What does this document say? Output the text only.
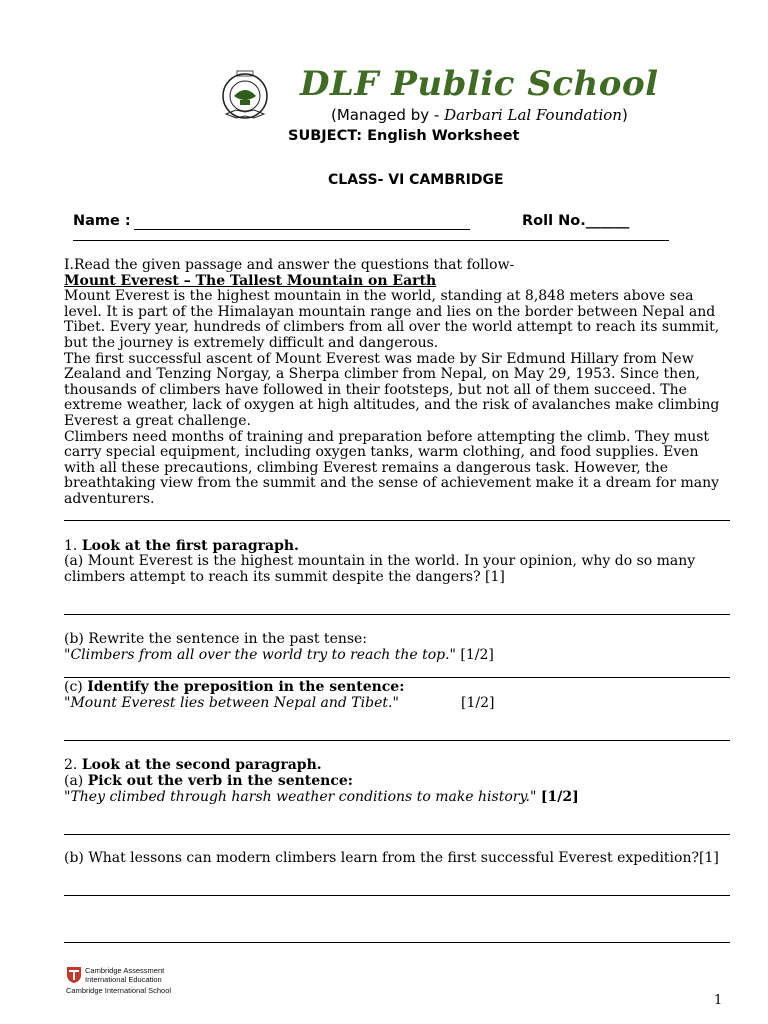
DLF Public School
(Managed by - Darbari Lal Foundation)
SUBJECT: English Worksheet
CLASS- VI CAMBRIDGE
Name :	Roll No.______

I.Read the given passage and answer the questions that follow-

Mount Everest – The Tallest Mountain on Earth

Mount Everest is the highest mountain in the world, standing at 8,848 meters above sea level. It is part of the Himalayan mountain range and lies on the border between Nepal and Tibet. Every year, hundreds of climbers from all over the world attempt to reach its summit, but the journey is extremely difficult and dangerous.

The first successful ascent of Mount Everest was made by Sir Edmund Hillary from New Zealand and Tenzing Norgay, a Sherpa climber from Nepal, on May 29, 1953. Since then, thousands of climbers have followed in their footsteps, but not all of them succeed. The extreme weather, lack of oxygen at high altitudes, and the risk of avalanches make climbing Everest a great challenge.

Climbers need months of training and preparation before attempting the climb. They must carry special equipment, including oxygen tanks, warm clothing, and food supplies. Even with all these precautions, climbing Everest remains a dangerous task. However, the breathtaking view from the summit and the sense of achievement make it a dream for many adventurers.

1. Look at the first paragraph.
(a) Mount Everest is the highest mountain in the world. In your opinion, why do so many
climbers attempt to reach its summit despite the dangers? [1]
(b) Rewrite the sentence in the past tense:
"Climbers from all over the world try to reach the top." [1/2]
(c) Identify the preposition in the sentence:
"Mount Everest lies between Nepal and Tibet."	[1/2]
2. Look at the second paragraph.
(a) Pick out the verb in the sentence:
"They climbed through harsh weather conditions to make history." [1/2]
(b) What lessons can modern climbers learn from the first successful Everest expedition?[1]
Cambridge Assessment
International Education
Cambridge International School
1
